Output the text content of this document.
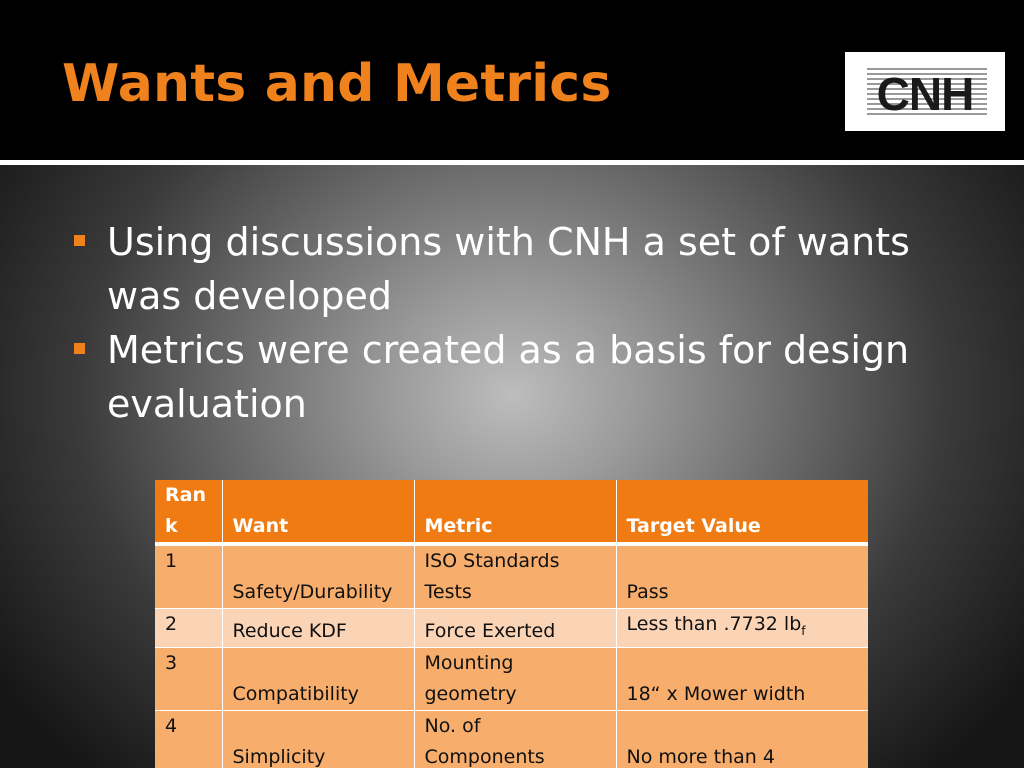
Wants and Metrics	CNH
Using discussions with CNH a set of wants was developed
Metrics were created as a basis for design evaluation
Rank	Want	Metric	Target Value
1	Safety/Durability	ISO Standards Tests	Pass
2	Reduce KDF	Force Exerted	Less than .7732 $lb_f$
3	Compatibility	Mounting geometry	18“ x Mower width
4	Simplicity	No. of Components	No more than 4
